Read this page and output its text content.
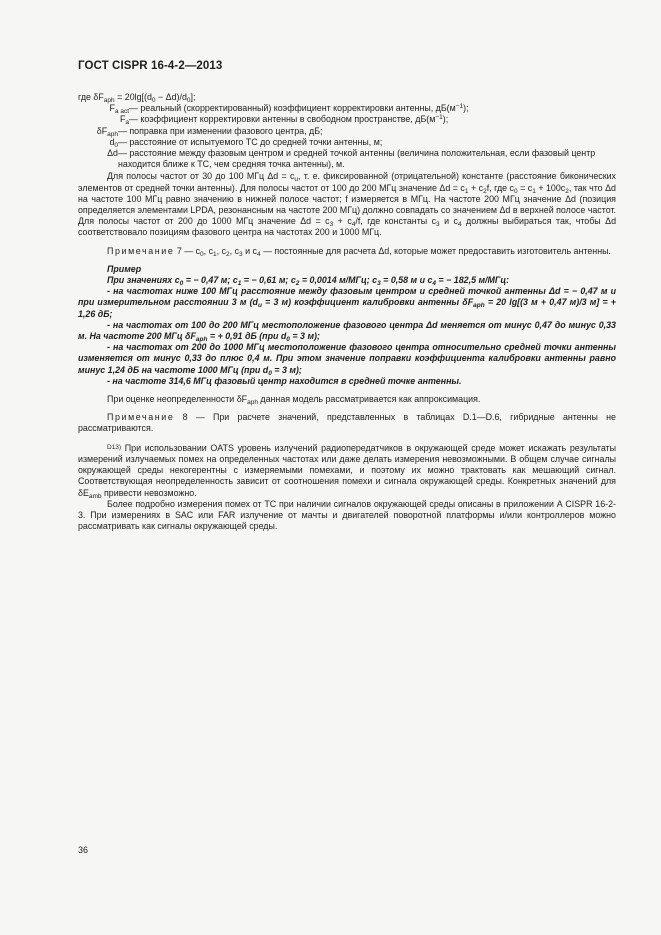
ГОСТ CISPR 16-4-2—2013
где $\delta F_{aph} = 20\lg[(d_0 - \Delta d)/d_0]$;
$F_{a act}$ — реальный (скорректированный) коэффициент корректировки антенны, $дБ(м^{-1})$;
$F_a$ — коэффициент корректировки антенны в свободном пространстве, $дБ(м^{-1})$;
$\delta F_{aph}$ — поправка при изменении фазового центра, дБ;
$d_0$ — расстояние от испытуемого ТС до средней точки антенны, м;
Δd — расстояние между фазовым центром и средней точкой антенны (величина положительная, если фазовый центр находится ближе к ТС, чем средняя точка антенны), м.

Для полосы частот от 30 до 100 МГц $\Delta d = c_u$, т. е. фиксированной (отрицательной) константе (расстояние биконических элементов от средней точки антенны). Для полосы частот от 100 до 200 МГц значение $\Delta d = c_1 + c_2f$, где $c_0 = c_1 + 100c_2$, так что Δd на частоте 100 МГц равно значению в нижней полосе частот; f измеряется в МГц. На частоте 200 МГц значение Δd (позиция определяется элементами LPDA, резонансным на частоте 200 МГц) должно совпадать со значением Δd в верхней полосе частот. Для полосы частот от 200 до 1000 МГц значение $\Delta d = c_3 + c_4/f$, где константы $c_3$ и $c_4$ должны выбираться так, чтобы Δd соответствовало позициям фазового центра на частотах 200 и 1000 МГц.

Примечание 7 — $c_0$, $c_1$, $c_2$, $c_3$ и $c_4$ — постоянные для расчета Δd, которые может предоставить изготовитель антенны.

Пример

При значениях $c_0$ = − 0,47 м; $c_1$ = − 0,61 м; $c_2 = 0,0014$ м/МГц; $c_3 = 0,58$ м и $c_4$ = − 182,5 м/МГц:

- на частотах ниже 100 МГц расстояние между фазовым центром и средней точкой антенны Δd = − 0,47 м и при измерительном расстоянии 3 м ($d_u = 3$ м) коэффициент калибровки антенны $\delta F_{aph} = 20$ lg[(3 м + 0,47 м)/3 м] = + 1,26 дБ;

- на частотах от 100 до 200 МГц местоположение фазового центра Δd меняется от минус 0,47 до минус 0,33 м. На частоте 200 МГц $\delta F_{aph}$ = + 0,91 дБ (при $d_0 = 3$ м);

- на частотах от 200 до 1000 МГц местоположение фазового центра относительно средней точки антенны изменяется от минус 0,33 до плюс 0,4 м. При этом значение поправки коэффициента калибровки антенны равно минус 1,24 дБ на частоте 1000 МГц (при $d_0 = 3$ м);

- на частоте 314,6 МГц фазовый центр находится в средней точке антенны.

При оценке неопределенности $\delta F_{aph}$ данная модель рассматривается как аппроксимация.

Примечание 8 — При расчете значений, представленных в таблицах D.1—D.6, гибридные антенны не рассматриваются.

$^{D13)}$ При использовании OATS уровень излучений радиопередатчиков в окружающей среде может искажать результаты измерений излучаемых помех на определенных частотах или даже делать измерения невозможными. В общем случае сигналы окружающей среды некогерентны с измеряемыми помехами, и поэтому их можно трактовать как мешающий сигнал. Соответствующая неопределенность зависит от соотношения помехи и сигнала окружающей среды. Конкретных значений для $\delta E_{amb}$ привести невозможно.

Более подробно измерения помех от ТС при наличии сигналов окружающей среды описаны в приложении А CISPR 16-2-3. При измерениях в SAC или FAR излучение от мачты и двигателей поворотной платформы и/или контроллеров можно рассматривать как сигналы окружающей среды.

36
